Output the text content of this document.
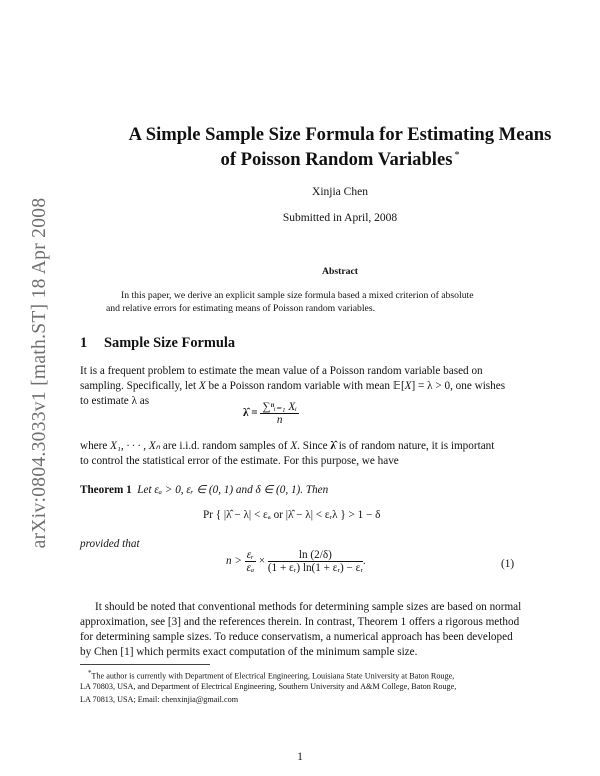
arXiv:0804.3033v1 [math.ST] 18 Apr 2008
A Simple Sample Size Formula for Estimating Means
of Poisson Random Variables *
Xinjia Chen
Submitted in April, 2008
Abstract
In this paper, we derive an explicit sample size formula based a mixed criterion of absolute
and relative errors for estimating means of Poisson random variables.
1 Sample Size Formula
It is a frequent problem to estimate the mean value of a Poisson random variable based on
sampling. Specifically, let X be a Poisson random variable with mean 𝔼[X] = λ > 0, one wishes
to estimate λ as
λ̂ = $\frac{\text{∑ⁿᵢ₌₁ Xᵢ}}{n}$
where X₁, · · · , Xₙ are i.i.d. random samples of X. Since λ̂ is of random nature, it is important
to control the statistical error of the estimate. For this purpose, we have
Theorem 1 Let εₐ > 0, εᵣ ∈ (0, 1) and δ ∈ (0, 1). Then
Pr { |λ̂ − λ| < εₐ or |λ̂ − λ| < εᵣλ } > 1 − δ
provided that
$n > \frac{\text{εᵣ}}{\text{εₐ}} \times \frac{\ln (2/\delta)}{\text{(1 + εᵣ) ln(1 + εᵣ) − εᵣ}}$ .	(1)
It should be noted that conventional methods for determining sample sizes are based on normal
approximation, see [3] and the references therein. In contrast, Theorem 1 offers a rigorous method
for determining sample sizes. To reduce conservatism, a numerical approach has been developed
by Chen [1] which permits exact computation of the minimum sample size.
*The author is currently with Department of Electrical Engineering, Louisiana State University at Baton Rouge,
LA 70803, USA, and Department of Electrical Engineering, Southern University and A&M College, Baton Rouge,
LA 70813, USA; Email: chenxinjia@gmail.com
1
